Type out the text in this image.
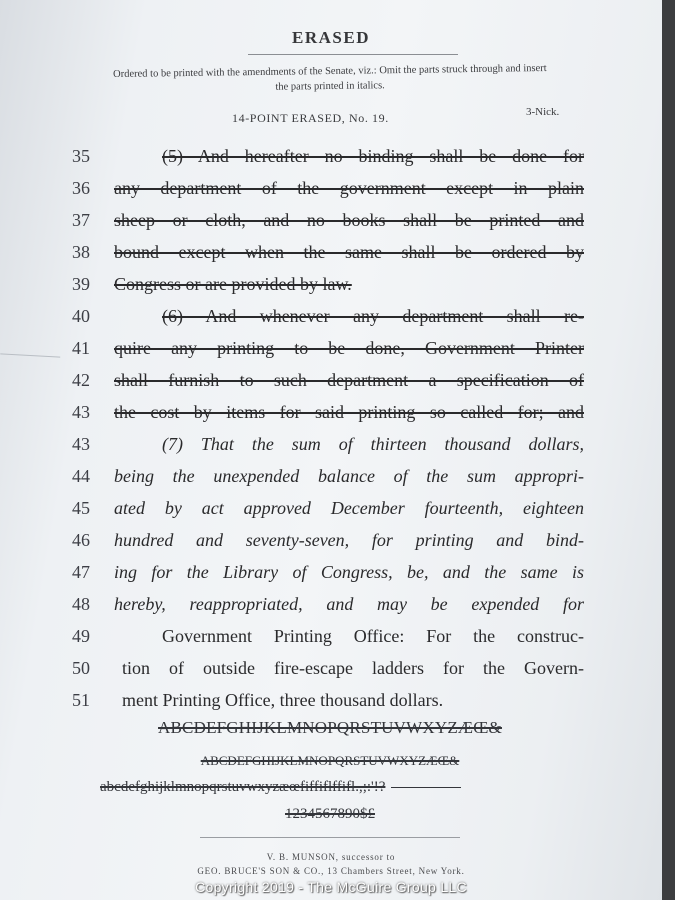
ERASED
Ordered to be printed with the amendments of the Senate, viz.: Omit the parts struck through and insert the parts printed in italics.
14-POINT ERASED, No. 19.	3-Nick.
35	(5) And hereafter no binding shall be done for
36	any department of the government except in plain
37	sheep or cloth, and no books shall be printed and
38	bound except when the same shall be ordered by
39	Congress or are provided by law.
40	(6) And whenever any department shall re-
41	quire any printing to be done, Government Printer
42	shall furnish to such department a specification of
43	the cost by items for said printing so called for; and
43	(7) That the sum of thirteen thousand dollars,
44	being the unexpended balance of the sum appropri-
45	ated by act approved December fourteenth, eighteen
46	hundred and seventy-seven, for printing and bind-
47	ing for the Library of Congress, be, and the same is
48	hereby, reappropriated, and may be expended for
49	Government Printing Office: For the construc-
50	tion of outside fire-escape ladders for the Govern-
51	ment Printing Office, three thousand dollars.
ABCDEFGHIJKLMNOPQRSTUVWXYZÆŒ&
ABCDEFGHIJKLMNOPQRSTUVWXYZÆŒ&
abcdefghijklmnopqrstuvwxyzæœfiffiflffifl.,;:'!?
1234567890$£
V. B. MUNSON, successor to
GEO. BRUCE'S SON & CO., 13 Chambers Street, New York.
Copyright 2019 - The McGuire Group LLC
